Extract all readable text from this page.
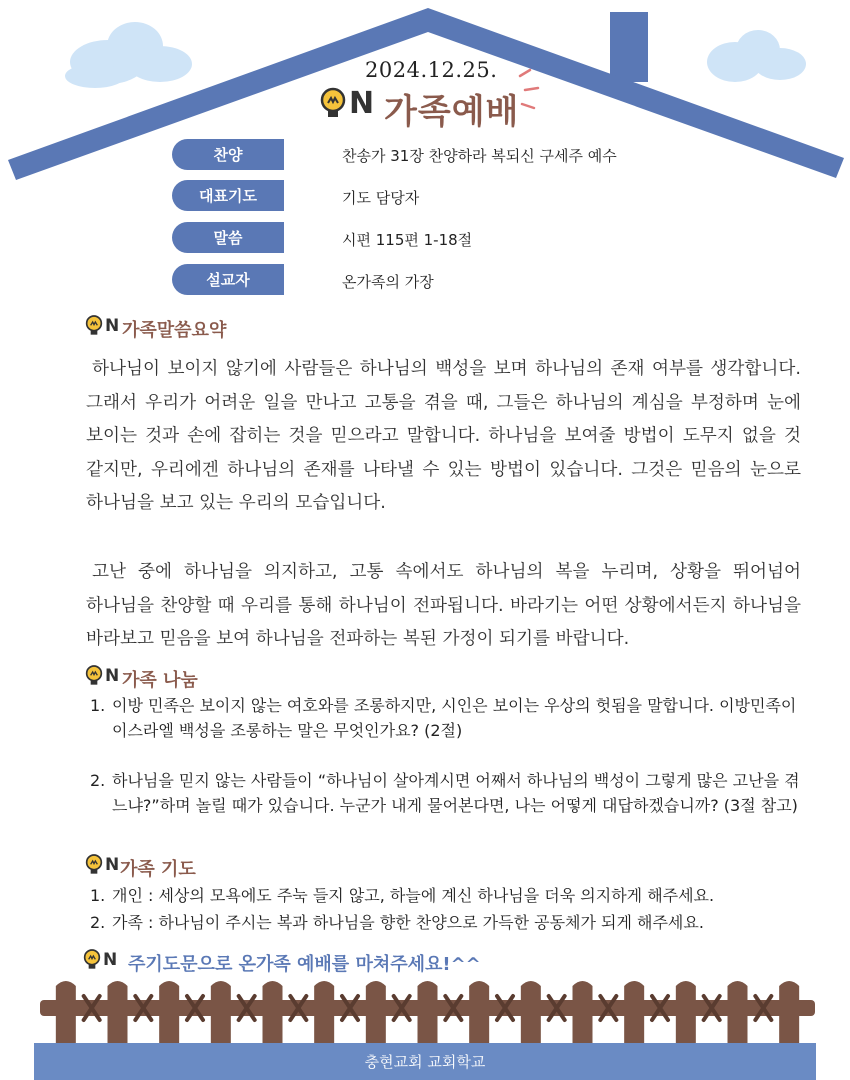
2024.12.25.
N 가족예배
찬양	찬송가 31장 찬양하라 복되신 구세주 예수
대표기도	기도 담당자
말씀	시편 115편 1-18절
설교자	온가족의 가장
N 가족말씀요약

하나님이 보이지 않기에 사람들은 하나님의 백성을 보며 하나님의 존재 여부를 생각합니다. 그래서 우리가 어려운 일을 만나고 고통을 겪을 때, 그들은 하나님의 계심을 부정하며 눈에 보이는 것과 손에 잡히는 것을 믿으라고 말합니다. 하나님을 보여줄 방법이 도무지 없을 것 같지만, 우리에겐 하나님의 존재를 나타낼 수 있는 방법이 있습니다. 그것은 믿음의 눈으로 하나님을 보고 있는 우리의 모습입니다.

고난 중에 하나님을 의지하고, 고통 속에서도 하나님의 복을 누리며, 상황을 뛰어넘어 하나님을 찬양할 때 우리를 통해 하나님이 전파됩니다. 바라기는 어떤 상황에서든지 하나님을 바라보고 믿음을 보여 하나님을 전파하는 복된 가정이 되기를 바랍니다.

N 가족 나눔
1. 이방 민족은 보이지 않는 여호와를 조롱하지만, 시인은 보이는 우상의 헛됨을 말합니다. 이방민족이 이스라엘 백성을 조롱하는 말은 무엇인가요? (2절)
2. 하나님을 믿지 않는 사람들이 “하나님이 살아계시면 어째서 하나님의 백성이 그렇게 많은 고난을 겪느냐?”하며 놀릴 때가 있습니다. 누군가 내게 물어본다면, 나는 어떻게 대답하겠습니까? (3절 참고)
N 가족 기도
1. 개인 : 세상의 모욕에도 주눅 들지 않고, 하늘에 계신 하나님을 더욱 의지하게 해주세요.
2. 가족 : 하나님이 주시는 복과 하나님을 향한 찬양으로 가득한 공동체가 되게 해주세요.
N 주기도문으로 온가족 예배를 마쳐주세요!^^
충현교회 교회학교
